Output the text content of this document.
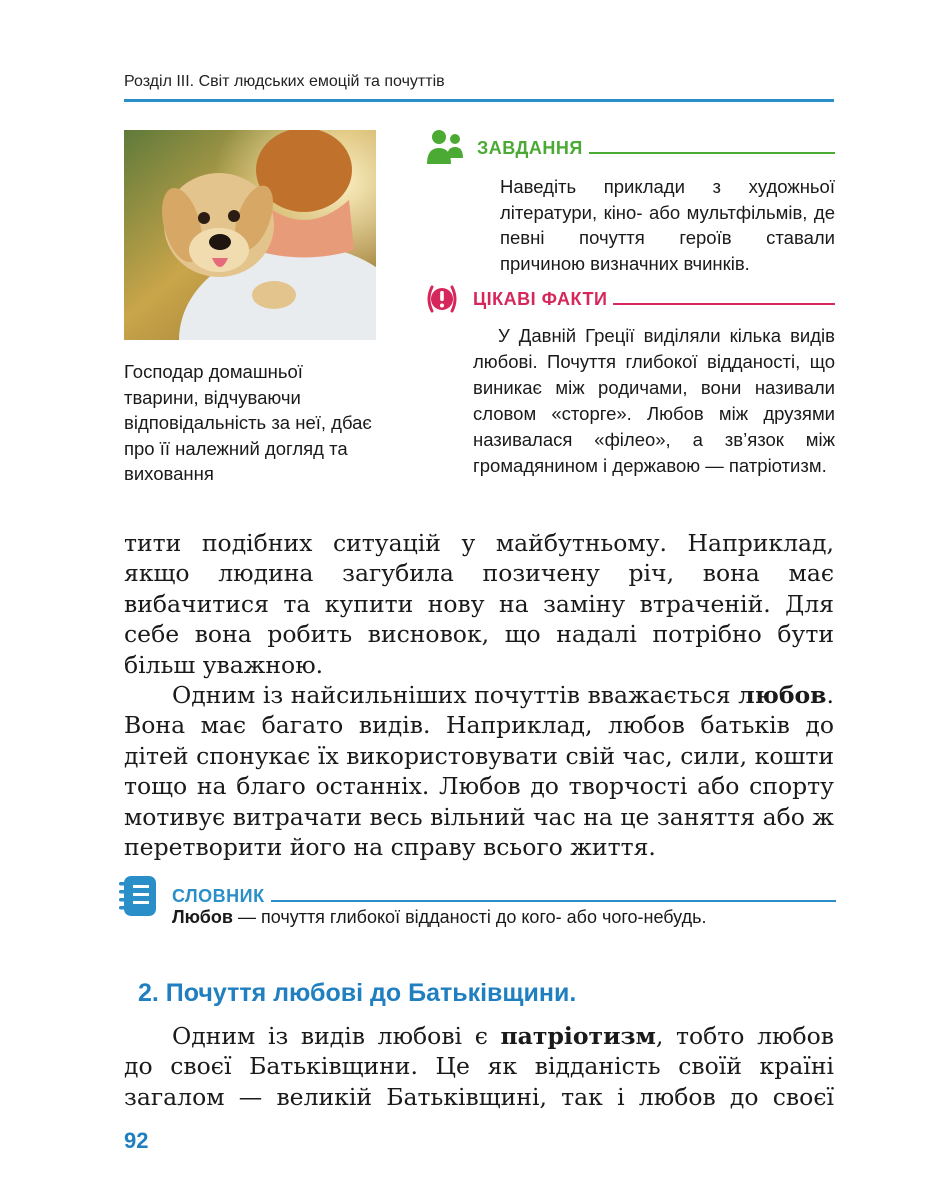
Розділ ІІІ. Світ людських емоцій та почуттів
Господар домашньої тварини, відчуваючи відповідальність за неї, дбає про її належний догляд та виховання
ЗАВДАННЯ
Наведіть приклади з художньої літератури, кіно- або мультфільмів, де певні почуття героїв ставали причиною визначних вчинків.
ЦІКАВІ ФАКТИ

У Давній Греції виділяли кілька видів любові. Почуття глибокої відданості, що виникає між родичами, вони називали словом «сторге». Любов між друзями називалася «філео», а зв’язок між громадянином і державою — патріотизм.

тити подібних ситуацій у майбутньому. Наприклад, якщо людина загубила позичену річ, вона має вибачитися та купити нову на заміну втраченій. Для себе вона робить висновок, що надалі потрібно бути більш уважною.

Одним із найсильніших почуттів вважається любов. Вона має багато видів. Наприклад, любов батьків до дітей спонукає їх використовувати свій час, сили, кошти тощо на благо останніх. Любов до творчості або спорту мотивує витрачати весь вільний час на це заняття або ж перетворити його на справу всього життя.

СЛОВНИК
Любов — почуття глибокої відданості до кого- або чого-небудь.
2. Почуття любові до Батьківщини.

Одним із видів любові є патріотизм, тобто любов до своєї Батьківщини. Це як відданість своїй країні загалом — великій Батьківщині, так і любов до своєї

92
